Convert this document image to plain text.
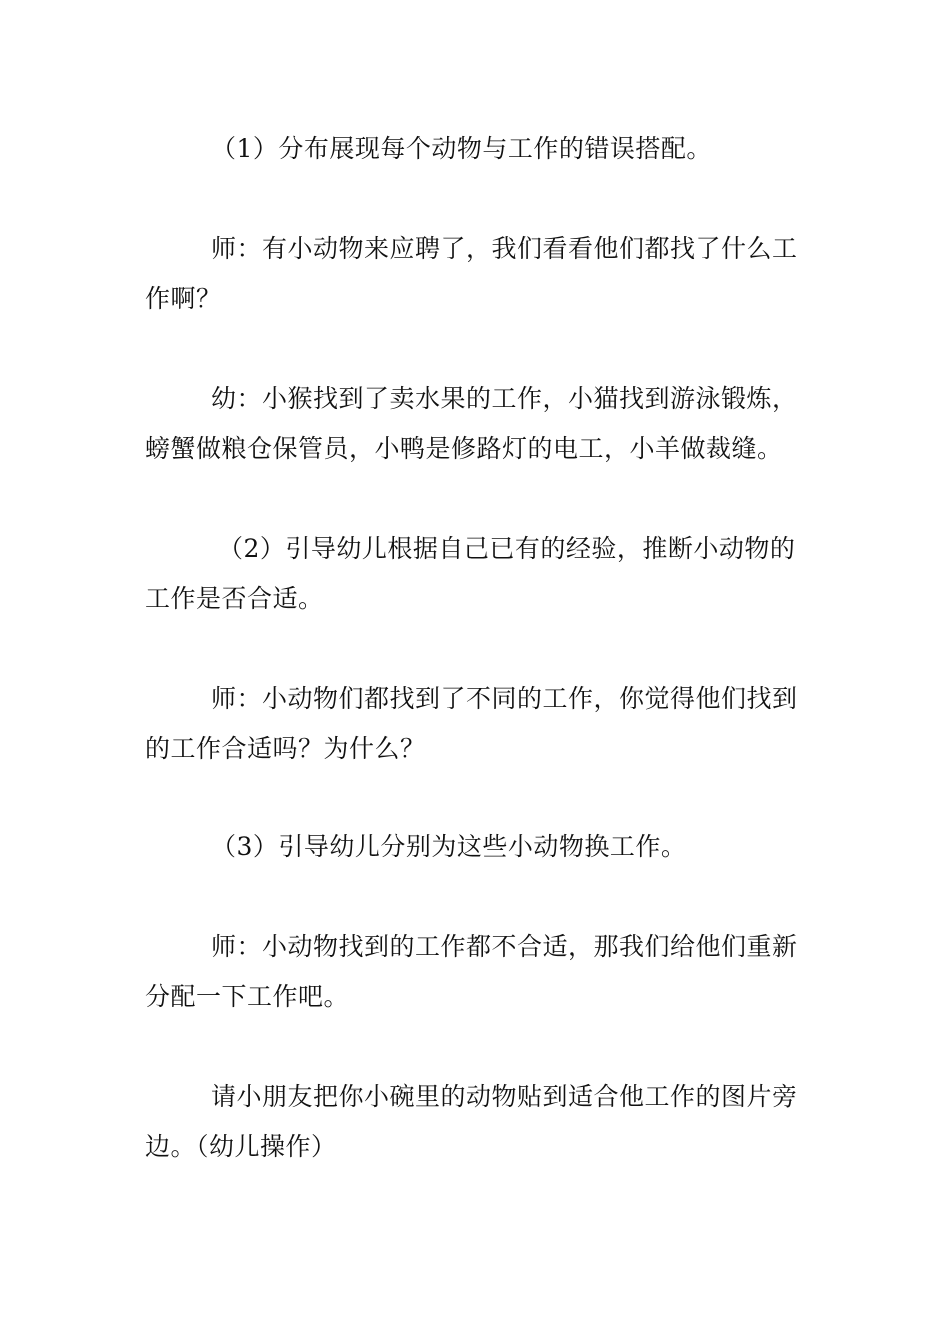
（1）分布展现每个动物与工作的错误搭配。

师：有小动物来应聘了，我们看看他们都找了什么工作啊？

幼：小猴找到了卖水果的工作，小猫找到游泳锻炼，螃蟹做粮仓保管员，小鸭是修路灯的电工，小羊做裁缝。

（2）引导幼儿根据自己已有的经验，推断小动物的工作是否合适。

师：小动物们都找到了不同的工作，你觉得他们找到的工作合适吗？为什么？

（3）引导幼儿分别为这些小动物换工作。

师：小动物找到的工作都不合适，那我们给他们重新分配一下工作吧。

请小朋友把你小碗里的动物贴到适合他工作的图片旁边。（幼儿操作）
